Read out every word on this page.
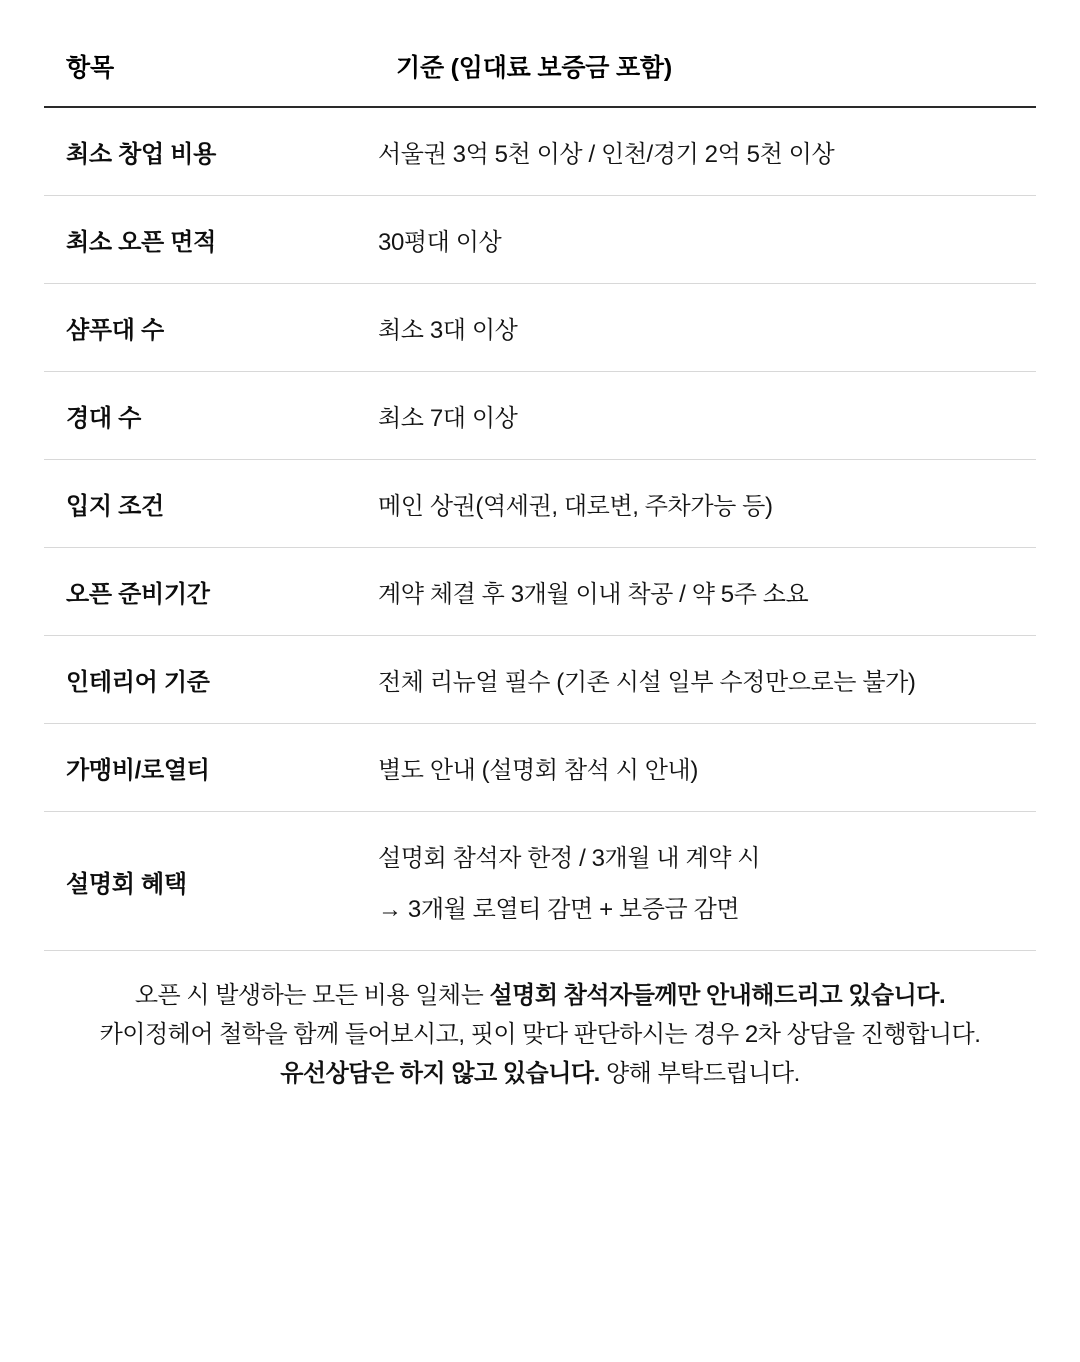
항목	기준 (임대료 보증금 포함)
최소 창업 비용	서울권 3억 5천 이상 / 인천/경기 2억 5천 이상

최소 오픈 면적	30평대 이상

샴푸대 수	최소 3대 이상

경대 수	최소 7대 이상

입지 조건	메인 상권(역세권, 대로변, 주차가능 등)

오픈 준비기간	계약 체결 후 3개월 이내 착공 / 약 5주 소요

인테리어 기준	전체 리뉴얼 필수 (기존 시설 일부 수정만으로는 불가)

가맹비/로열티	별도 안내 (설명회 참석 시 안내)

설명회 혜택	설명회 참석자 한정 / 3개월 내 계약 시
→ 3개월 로열티 감면 + 보증금 감면
오픈 시 발생하는 모든 비용 일체는 설명회 참석자들께만 안내해드리고 있습니다.
카이정헤어 철학을 함께 들어보시고, 핏이 맞다 판단하시는 경우 2차 상담을 진행합니다.
유선상담은 하지 않고 있습니다. 양해 부탁드립니다.
